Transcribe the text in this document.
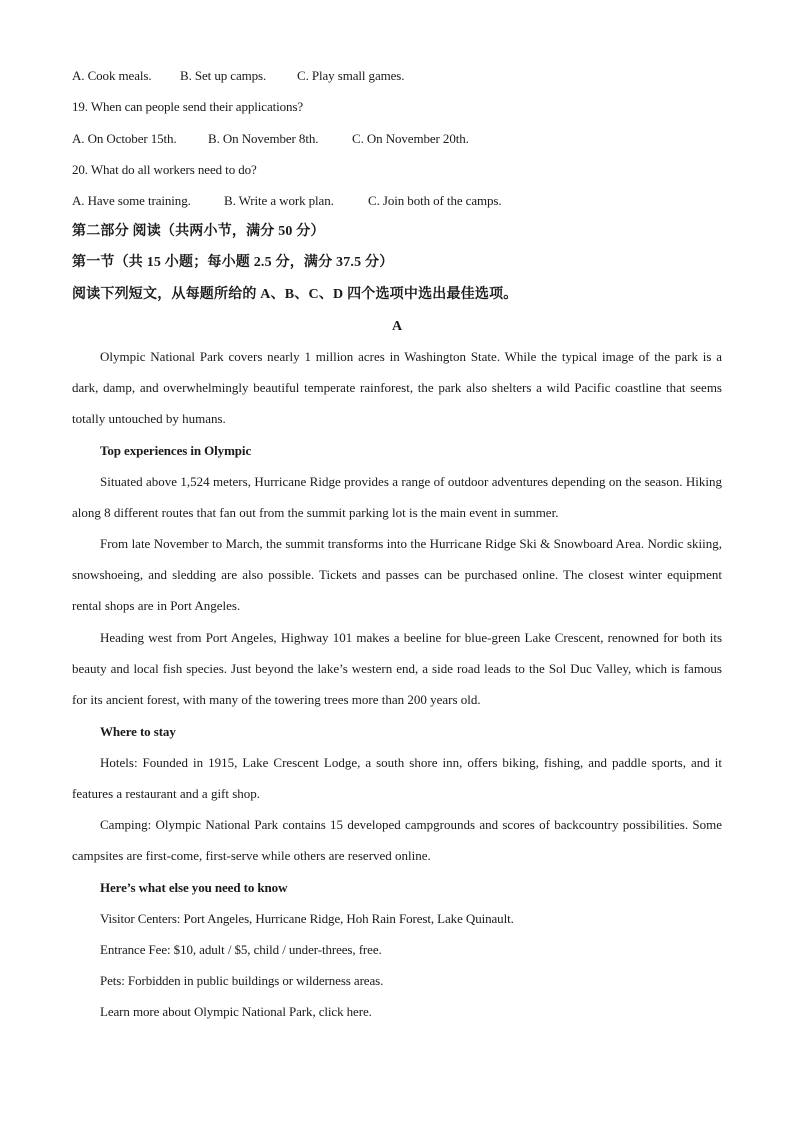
A. Cook meals. B. Set up camps. C. Play small games.
19. When can people send their applications?
A. On October 15th. B. On November 8th.	C. On November 20th.
20. What do all workers need to do?
A. Have some training.	B. Write a work plan.	C. Join both of the camps.
第二部分 阅读（共两小节，满分 50 分）
第一节（共 15 小题；每小题 2.5 分，满分 37.5 分）
阅读下列短文，从每题所给的 A、B、C、D 四个选项中选出最佳选项。
A
Olympic National Park covers nearly 1 million acres in Washington State. While the typical image of the park is a dark, damp, and overwhelmingly beautiful temperate rainforest, the park also shelters a wild Pacific coastline that seems totally untouched by humans.
Top experiences in Olympic
Situated above 1,524 meters, Hurricane Ridge provides a range of outdoor adventures depending on the season. Hiking along 8 different routes that fan out from the summit parking lot is the main event in summer.
From late November to March, the summit transforms into the Hurricane Ridge Ski & Snowboard Area. Nordic skiing, snowshoeing, and sledding are also possible. Tickets and passes can be purchased online. The closest winter equipment rental shops are in Port Angeles.
Heading west from Port Angeles, Highway 101 makes a beeline for blue-green Lake Crescent, renowned for both its beauty and local fish species. Just beyond the lake’s western end, a side road leads to the Sol Duc Valley, which is famous for its ancient forest, with many of the towering trees more than 200 years old.
Where to stay
Hotels: Founded in 1915, Lake Crescent Lodge, a south shore inn, offers biking, fishing, and paddle sports, and it features a restaurant and a gift shop.
Camping: Olympic National Park contains 15 developed campgrounds and scores of backcountry possibilities. Some campsites are first-come, first-serve while others are reserved online.
Here’s what else you need to know
Visitor Centers: Port Angeles, Hurricane Ridge, Hoh Rain Forest, Lake Quinault.
Entrance Fee: $10, adult / $5, child / under-threes, free.
Pets: Forbidden in public buildings or wilderness areas.
Learn more about Olympic National Park, click here.
